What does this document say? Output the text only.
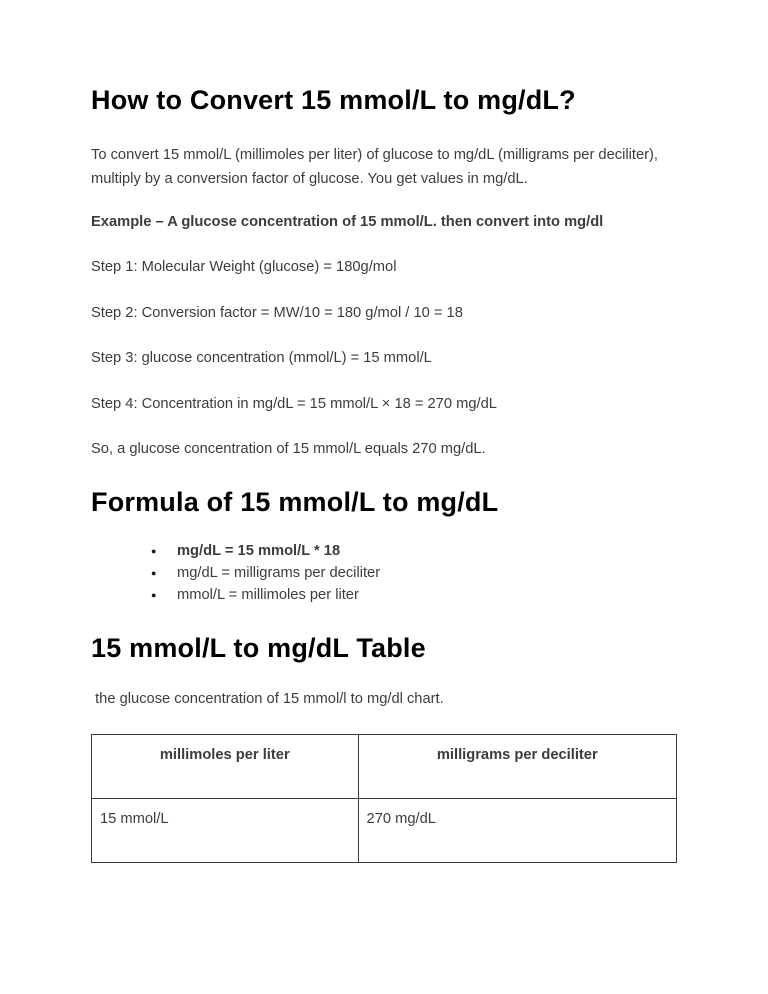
How to Convert 15 mmol/L to mg/dL?

To convert 15 mmol/L (millimoles per liter) of glucose to mg/dL (milligrams per deciliter), multiply by a conversion factor of glucose. You get values in mg/dL.

Example – A glucose concentration of 15 mmol/L. then convert into mg/dl

Step 1: Molecular Weight (glucose) = 180g/mol

Step 2: Conversion factor = MW/10 = 180 g/mol / 10 = 18

Step 3: glucose concentration (mmol/L) = 15 mmol/L

Step 4: Concentration in mg/dL = 15 mmol/L × 18 = 270 mg/dL

So, a glucose concentration of 15 mmol/L equals 270 mg/dL.

Formula of 15 mmol/L to mg/dL
● mg/dL = 15 mmol/L * 18
● mg/dL = milligrams per deciliter
● mmol/L = millimoles per liter
15 mmol/L to mg/dL Table

the glucose concentration of 15 mmol/l to mg/dl chart.

millimoles per liter	milligrams per deciliter
15 mmol/L	270 mg/dL
